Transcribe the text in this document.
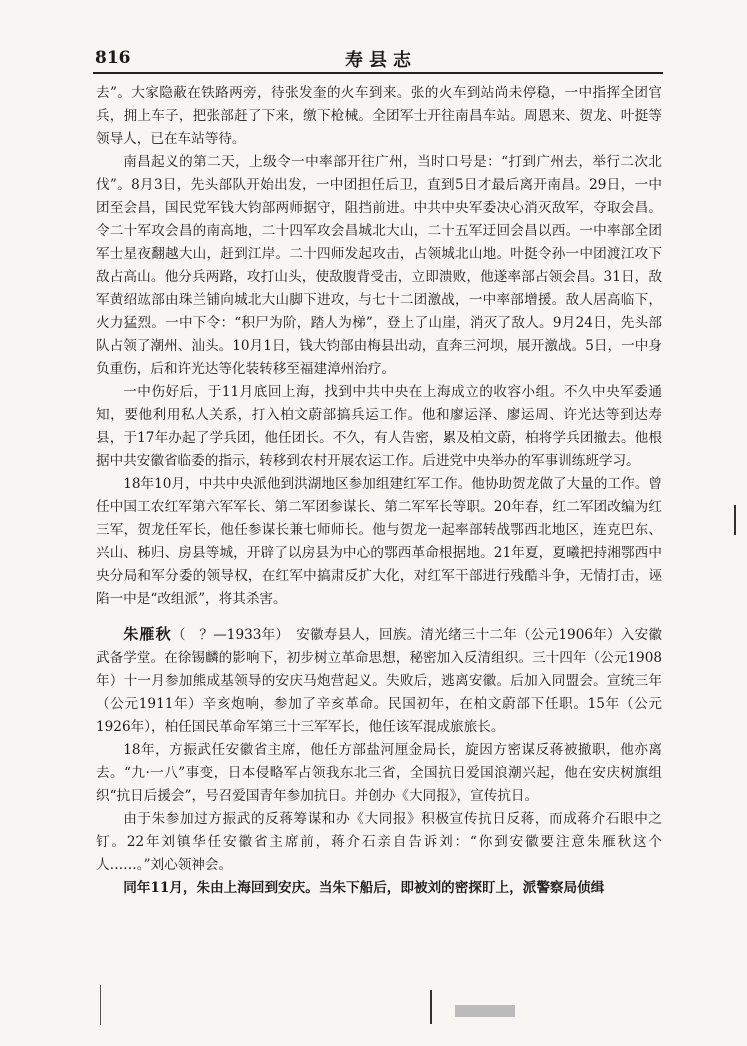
816	寿县志

去”。大家隐蔽在铁路两旁，待张发奎的火车到来。张的火车到站尚未停稳，一中指挥全团官兵，拥上车子，把张部赶了下来，缴下枪械。全团军士开往南昌车站。周恩来、贺龙、叶挺等领导人，已在车站等待。

南昌起义的第二天，上级令一中率部开往广州，当时口号是：“打到广州去，举行二次北伐”。8月3日，先头部队开始出发，一中团担任后卫，直到5日才最后离开南昌。29日，一中团至会昌，国民党军钱大钧部两师据守，阻挡前进。中共中央军委决心消灭敌军，夺取会昌。令二十军攻会昌的南高地，二十四军攻会昌城北大山，二十五军迂回会昌以西。一中率部全团军士星夜翻越大山，赶到江岸。二十四师发起攻击，占领城北山地。叶挺令孙一中团渡江攻下敌占高山。他分兵两路，攻打山头，使敌腹背受击，立即溃败，他遂率部占领会昌。31日，敌军黄绍竑部由珠兰铺向城北大山脚下进攻，与七十二团激战，一中率部增援。敌人居高临下，火力猛烈。一中下令：“积尸为阶，踏人为梯”，登上了山崖，消灭了敌人。9月24日，先头部队占领了潮州、汕头。10月1日，钱大钧部由梅县出动，直奔三河坝，展开激战。5日，一中身负重伤，后和许光达等化装转移至福建漳州治疗。

一中伤好后，于11月底回上海，找到中共中央在上海成立的收容小组。不久中央军委通知，要他利用私人关系，打入柏文蔚部搞兵运工作。他和廖运泽、廖运周、许光达等到达寿县，于17年办起了学兵团，他任团长。不久，有人告密，累及柏文蔚，柏将学兵团撤去。他根据中共安徽省临委的指示，转移到农村开展农运工作。后进党中央举办的军事训练班学习。

18年10月，中共中央派他到洪湖地区参加组建红军工作。他协助贺龙做了大量的工作。曾任中国工农红军第六军军长、第二军团参谋长、第二军军长等职。20年春，红二军团改编为红三军，贺龙任军长，他任参谋长兼七师师长。他与贺龙一起率部转战鄂西北地区，连克巴东、兴山、秭归、房县等城，开辟了以房县为中心的鄂西革命根据地。21年夏，夏曦把持湘鄂西中央分局和军分委的领导权，在红军中搞肃反扩大化，对红军干部进行残酷斗争，无情打击，诬陷一中是“改组派”，将其杀害。

朱雁秋（　？—1933年）　安徽寿县人，回族。清光绪三十二年（公元1906年）入安徽武备学堂。在徐锡麟的影响下，初步树立革命思想，秘密加入反清组织。三十四年（公元1908年）十一月参加熊成基领导的安庆马炮营起义。失败后，逃离安徽。后加入同盟会。宣统三年（公元1911年）辛亥炮响，参加了辛亥革命。民国初年，在柏文蔚部下任职。15年（公元1926年），柏任国民革命军第三十三军军长，他任该军混成旅旅长。

18年，方振武任安徽省主席，他任方部盐河厘金局长，旋因方密谋反蒋被撤职，他亦离去。“九·一八”事变，日本侵略军占领我东北三省，全国抗日爱国浪潮兴起，他在安庆树旗组织“抗日后援会”，号召爱国青年参加抗日。并创办《大同报》，宣传抗日。

由于朱参加过方振武的反蒋筹谋和办《大同报》积极宣传抗日反蒋，而成蒋介石眼中之钉。22年刘镇华任安徽省主席前，蒋介石亲自告诉刘：“你到安徽要注意朱雁秋这个人……。”刘心领神会。

同年11月，朱由上海回到安庆。当朱下船后，即被刘的密探盯上，派警察局侦缉
